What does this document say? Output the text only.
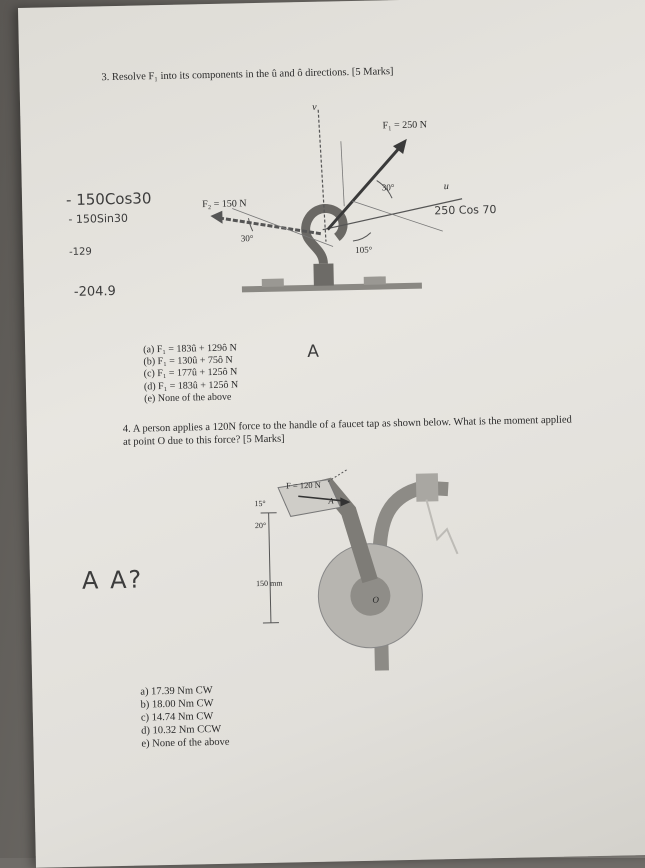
3. Resolve F₁ into its components in the û and ô directions. [5 Marks]
v
u
F₁ = 250 N
F₂ = 150 N
30°
30°
105°
- 150Cos30
- 150Sin30
-129
-204.9
250 Cos 70
A
(a) F₁ = 183û + 129ô N
(b) F₁ = 130û + 75ô N
(c) F₁ = 177û + 125ô N
(d) F₁ = 183û + 125ô N
(e) None of the above
4. A person applies a 120N force to the handle of a faucet tap as shown below. What is the moment applied at point O due to this force? [5 Marks]
F = 120 N
15°
20°
150 mm
A
O
A A?
a) 17.39 Nm CW
b) 18.00 Nm CW
c) 14.74 Nm CW
d) 10.32 Nm CCW
e) None of the above
